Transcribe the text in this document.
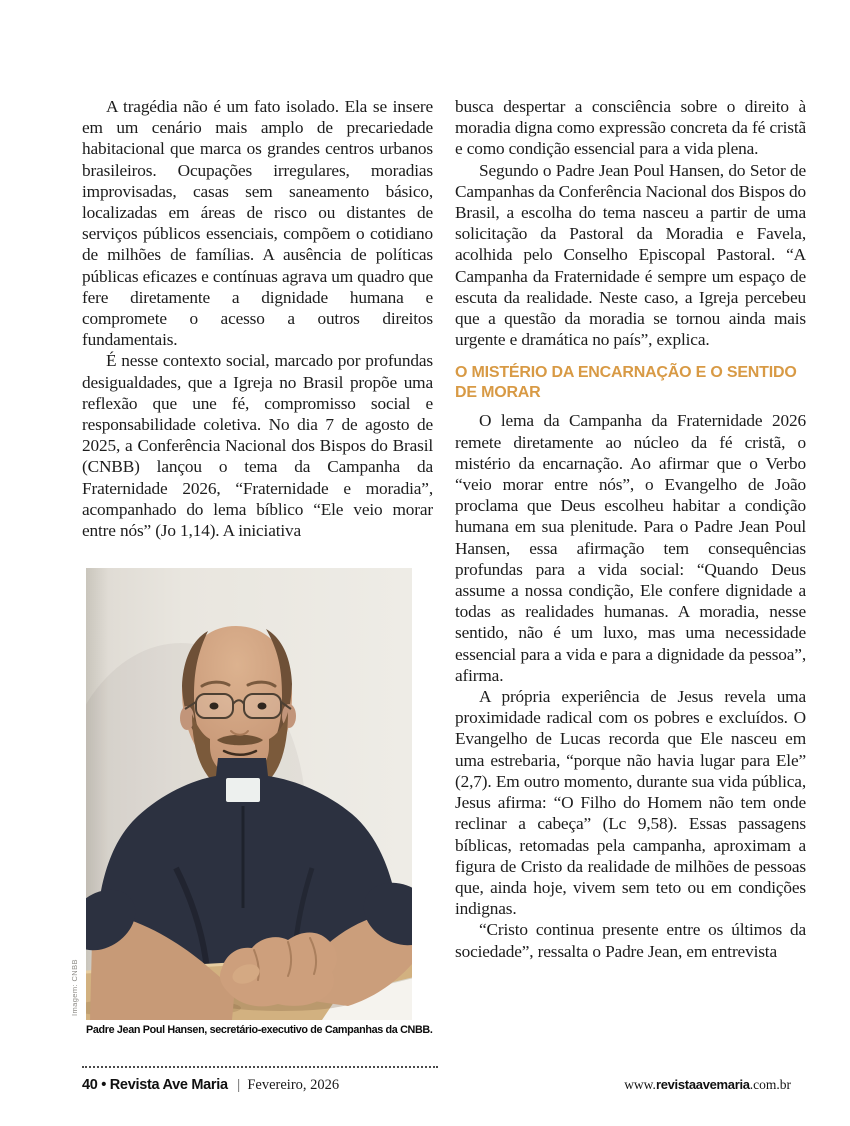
A tragédia não é um fato isolado. Ela se insere em um cenário mais amplo de precariedade habitacional que marca os grandes centros urbanos brasileiros. Ocupações irregulares, moradias improvisadas, casas sem saneamento básico, localizadas em áreas de risco ou distantes de serviços públicos essenciais, compõem o cotidiano de milhões de famílias. A ausência de políticas públicas eficazes e contínuas agrava um quadro que fere diretamente a dignidade humana e compromete o acesso a outros direitos fundamentais.

É nesse contexto social, marcado por profundas desigualdades, que a Igreja no Brasil propõe uma reflexão que une fé, compromisso social e responsabilidade coletiva. No dia 7 de agosto de 2025, a Conferência Nacional dos Bispos do Brasil (CNBB) lançou o tema da Campanha da Fraternidade 2026, “Fraternidade e moradia”, acompanhado do lema bíblico “Ele veio morar entre nós” (Jo 1,14). A iniciativa

busca despertar a consciência sobre o direito à moradia digna como expressão concreta da fé cristã e como condição essencial para a vida plena.

Segundo o Padre Jean Poul Hansen, do Setor de Campanhas da Conferência Nacional dos Bispos do Brasil, a escolha do tema nasceu a partir de uma solicitação da Pastoral da Moradia e Favela, acolhida pelo Conselho Episcopal Pastoral. “A Campanha da Fraternidade é sempre um espaço de escuta da realidade. Neste caso, a Igreja percebeu que a questão da moradia se tornou ainda mais urgente e dramática no país”, explica.

O MISTÉRIO DA ENCARNAÇÃO E O SENTIDO DE MORAR

O lema da Campanha da Fraternidade 2026 remete diretamente ao núcleo da fé cristã, o mistério da encarnação. Ao afirmar que o Verbo “veio morar entre nós”, o Evangelho de João proclama que Deus escolheu habitar a condição humana em sua plenitude. Para o Padre Jean Poul Hansen, essa afirmação tem consequências profundas para a vida social: “Quando Deus assume a nossa condição, Ele confere dignidade a todas as realidades humanas. A moradia, nesse sentido, não é um luxo, mas uma necessidade essencial para a vida e para a dignidade da pessoa”, afirma.

A própria experiência de Jesus revela uma proximidade radical com os pobres e excluídos. O Evangelho de Lucas recorda que Ele nasceu em uma estrebaria, “porque não havia lugar para Ele” (2,7). Em outro momento, durante sua vida pública, Jesus afirma: “O Filho do Homem não tem onde reclinar a cabeça” (Lc 9,58). Essas passagens bíblicas, retomadas pela campanha, aproximam a figura de Cristo da realidade de milhões de pessoas que, ainda hoje, vivem sem teto ou em condições indignas.

“Cristo continua presente entre os últimos da sociedade”, ressalta o Padre Jean, em entrevista

Imagem: CNBB
Padre Jean Poul Hansen, secretário-executivo de Campanhas da CNBB.
40 • Revista Ave Maria | Fevereiro, 2026	www.revistaavemaria.com.br
